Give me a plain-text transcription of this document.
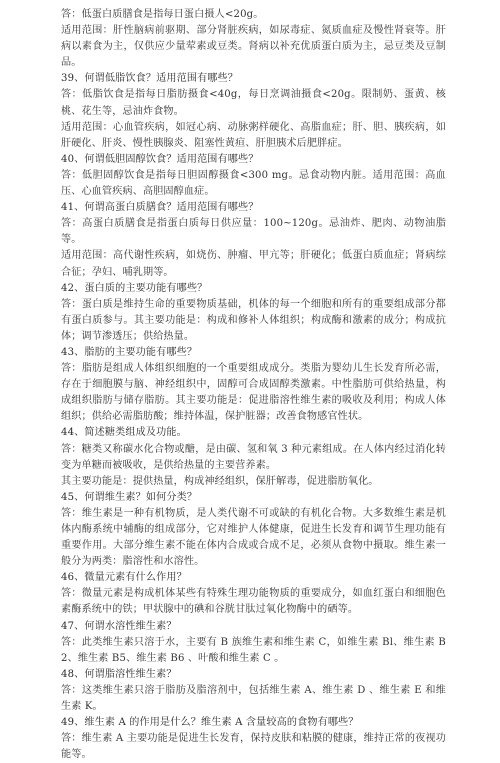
答：低蛋白质膳食是指每日蛋白摄人<20g。

适用范围：肝性脑病前驱期、部分肾脏疾病，如尿毒症、氮质血症及慢性肾衰等。肝病以素食为主，仅供应少量荤素或豆类。肾病以补充优质蛋白质为主，忌豆类及豆制品。

39、何谓低脂饮食？适用范围有哪些？

答：低脂饮食是指每日脂肪摄食<40g，每日烹调油摄食<20g。限制奶、蛋黄、核桃、花生等，忌油炸食物。

适用范围：心血管疾病，如冠心病、动脉粥样硬化、高脂血症；肝、胆、胰疾病，如肝硬化、肝炎、慢性胰腺炎、阻塞性黄疸、肝胆胰术后肥胖症。

40、何谓低胆固醇饮食？适用范围有哪些？

答：低胆固醇饮食是指每日胆固醇摄食<300 mg。忌食动物内脏。适用范围：高血压、心血管疾病、高胆固醇血症。

41、何谓高蛋白质膳食？适用范围有哪些？

答：高蛋白质膳食是指蛋白质每日供应量：100~120g。忌油炸、肥肉、动物油脂等。

适用范围：高代谢性疾病，如烧伤、肿瘤、甲亢等；肝硬化；低蛋白质血症；肾病综合征；孕妇、哺乳期等。

42、蛋白质的主要功能有哪些？

答：蛋白质是维持生命的重要物质基础，机体的每一个细胞和所有的重要组成部分都有蛋白质参与。其主要功能是：构成和修补人体组织；构成酶和激素的成分；构成抗体；调节渗透压；供给热量。

43、脂肪的主要功能有哪些？

答：脂肪是组成人体组织细胞的一个重要组成成分。类脂为婴幼儿生长发育所必需，存在于细胞膜与脑、神经组织中，固醇可合成固醇类激素。中性脂肪可供给热量，构成组织脂肪与储存脂肪。其主要功能是：促进脂溶性维生素的吸收及利用；构成人体组织；供给必需脂肪酸；维持体温，保护脏器；改善食物感官性状。

44、简述糖类组成及功能。

答：糖类又称碳水化合物或醣，是由碳、氢和氧 3 种元素组成。在人体内经过消化转变为单糖而被吸收，是供给热量的主要营养素。

其主要功能是：提供热量，构成神经组织，保肝解毒，促进脂肪氧化。

45、何谓维生素？如何分类？

答：维生素是一种有机物质，是人类代谢不可或缺的有机化合物。大多数维生素是机体内酶系统中辅酶的组成部分，它对维护人体健康，促进生长发育和调节生理功能有重要作用。大部分维生素不能在体内合成或合成不足，必须从食物中摄取。维生素一般分为两类：脂溶性和水溶性。

46、微量元素有什么作用？

答：微量元素是构成机体某些有特殊生理功能物质的重要成分，如血红蛋白和细胞色素酶系统中的铁；甲状腺中的碘和谷胱甘肽过氧化物酶中的硒等。

47、何谓水溶性维生素？

答：此类维生素只溶于水，主要有 B 族维生素和维生素 C，如维生素 Bl、维生素 B2、维生素 B5、维生素 B6 、叶酸和维生素 C 。

48、何谓脂溶性维生素？

答：这类维生素只溶于脂肪及脂溶剂中，包括维生素 A、维生素 D 、维生素 E 和维生素 K。

49、维生素 A 的作用是什么？维生素 A 含量较高的食物有哪些？

答：维生素 A 主要功能是促进生长发育，保持皮肤和粘膜的健康，维持正常的夜视功能等。
